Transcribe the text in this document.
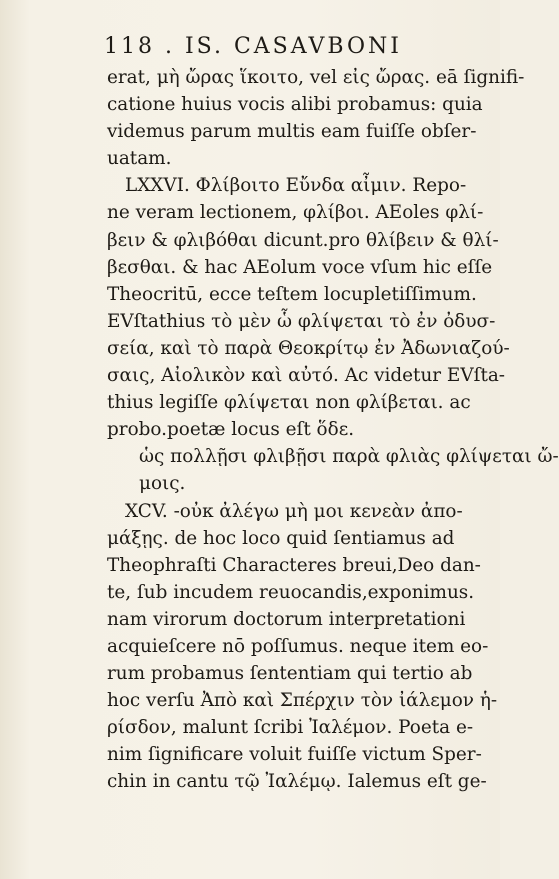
118 . IS. CASAVBONI
erat, μὴ ὤρας ἵκοιτο, vel εἰς ὤρας. eā ſignifi-
catione huius vocis alibi probamus: quia
videmus parum multis eam fuiſſe obſer-
uatam.
LXXVI. Φλίβοιτο Εὔνδα αἶμιν. Repo-
ne veram lectionem, φλίβοι. AEoles φλί-
βειν & φλιβόθαι dicunt.pro θλίβειν & θλί-
βεσθαι. & hac AEolum voce vſum hic eſſe
Theocritū, ecce teſtem locupletiſſimum.
EVſtathius τὸ μὲν ὧ φλίψεται τὸ ἐν ὀδυσ-
σεία, καὶ τὸ παρὰ Θεοκρίτῳ ἐν Ἀδωνιαζού-
σαις, Αἰολικὸν καὶ αὐτό. Ac videtur EVſta-
thius legiſſe φλίψεται non φλίβεται. ac
probo.poetæ locus eſt ὅδε.
ὡς πολλῇσι φλιβῇσι παρὰ φλιὰς φλίψεται ὤ-
μοις.
XCV. -οὐκ ἀλέγω μὴ μοι κενεὰν ἀπο-
μάξῃς. de hoc loco quid ſentiamus ad
Theophraſti Characteres breui,Deo dan-
te, ſub incudem reuocandis,exponimus.
nam virorum doctorum interpretationi
acquieſcere nō poſſumus. neque item eo-
rum probamus ſententiam qui tertio ab
hoc verſu Ἀπὸ καὶ Σπέρχιν τὸν ἰάλεμον ἡ-
ρίσδον, malunt ſcribi Ἰαλέμον. Poeta e-
nim ſignificare voluit fuiſſe victum Sper-
chin in cantu τῷ Ἰαλέμῳ. Ialemus eſt ge-
